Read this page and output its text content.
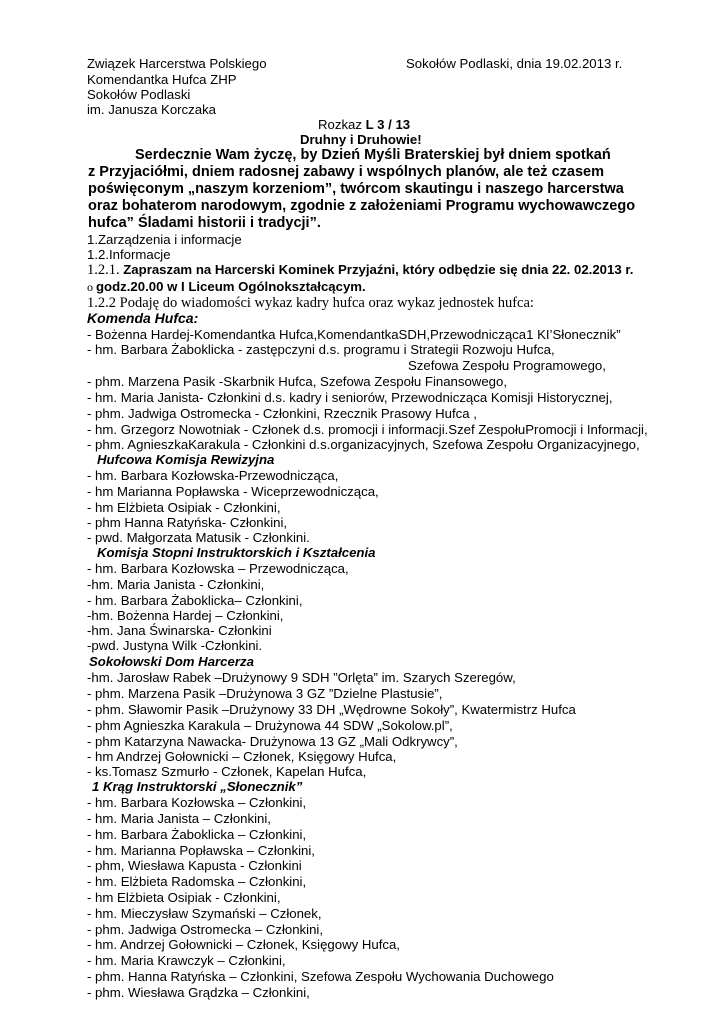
Związek Harcerstwa Polskiego	Sokołów Podlaski, dnia 19.02.2013 r.
Komendantka Hufca ZHP
Sokołów Podlaski
im. Janusza Korczaka
Rozkaz L 3 / 13
Druhny i Druhowie!
Serdecznie Wam życzę, by Dzień Myśli Braterskiej był dniem spotkań
z Przyjaciółmi, dniem radosnej zabawy i wspólnych planów, ale też czasem
poświęconym „naszym korzeniom”, twórcom skautingu i naszego harcerstwa
oraz bohaterom narodowym, zgodnie z założeniami Programu wychowawczego
hufca” Śladami historii i tradycji”.
1.Zarządzenia i informacje
1.2.Informacje
1.2.1. Zapraszam na Harcerski Kominek Przyjaźni, który odbędzie się dnia 22. 02.2013 r.
o godz.20.00 w I Liceum Ogólnokształcącym.
1.2.2 Podaję do wiadomości wykaz kadry hufca oraz wykaz jednostek hufca:
Komenda Hufca:
- Bożenna Hardej-Komendantka Hufca,KomendantkaSDH,Przewodnicząca1 KI’Słonecznik”
- hm. Barbara Żaboklicka - zastępczyni d.s. programu i Strategii Rozwoju Hufca,
Szefowa Zespołu Programowego,
- phm. Marzena Pasik -Skarbnik Hufca, Szefowa Zespołu Finansowego,
- hm. Maria Janista- Członkini d.s. kadry i seniorów, Przewodnicząca Komisji Historycznej,
- phm. Jadwiga Ostromecka - Członkini, Rzecznik Prasowy Hufca ,
- hm. Grzegorz Nowotniak - Członek d.s. promocji i informacji.Szef ZespołuPromocji i Informacji,
- phm. AgnieszkaKarakula - Członkini d.s.organizacyjnych, Szefowa Zespołu Organizacyjnego,
Hufcowa Komisja Rewizyjna
- hm. Barbara Kozłowska-Przewodnicząca,
- hm Marianna Popławska - Wiceprzewodnicząca,
- hm Elżbieta Osipiak - Członkini,
- phm Hanna Ratyńska- Członkini,
- pwd. Małgorzata Matusik - Członkini.
Komisja Stopni Instruktorskich i Kształcenia
- hm. Barbara Kozłowska – Przewodnicząca,
-hm. Maria Janista - Członkini,
- hm. Barbara Żaboklicka– Członkini,
-hm. Bożenna Hardej – Członkini,
-hm. Jana Świnarska- Członkini
-pwd. Justyna Wilk -Członkini.
Sokołowski Dom Harcerza
-hm. Jarosław Rabek –Drużynowy 9 SDH ”Orlęta” im. Szarych Szeregów,
- phm. Marzena Pasik –Drużynowa 3 GZ ”Dzielne Plastusie”,
- phm. Sławomir Pasik –Drużynowy 33 DH „Wędrowne Sokoły”, Kwatermistrz Hufca
- phm Agnieszka Karakula – Drużynowa 44 SDW „Sokolow.pl”,
- phm Katarzyna Nawacka- Drużynowa 13 GZ „Mali Odkrywcy”,
- hm Andrzej Gołownicki – Członek, Księgowy Hufca,
- ks.Tomasz Szmurło - Członek, Kapelan Hufca,
1 Krąg Instruktorski „Słonecznik”
- hm. Barbara Kozłowska – Członkini,
- hm. Maria Janista – Członkini,
- hm. Barbara Żaboklicka – Członkini,
- hm. Marianna Popławska – Członkini,
- phm, Wiesława Kapusta - Członkini
- hm. Elżbieta Radomska – Członkini,
- hm Elżbieta Osipiak - Członkini,
- hm. Mieczysław Szymański – Członek,
- phm. Jadwiga Ostromecka – Członkini,
- hm. Andrzej Gołownicki – Członek, Księgowy Hufca,
- hm. Maria Krawczyk – Członkini,
- phm. Hanna Ratyńska – Członkini, Szefowa Zespołu Wychowania Duchowego
- phm. Wiesława Grądzka – Członkini,
